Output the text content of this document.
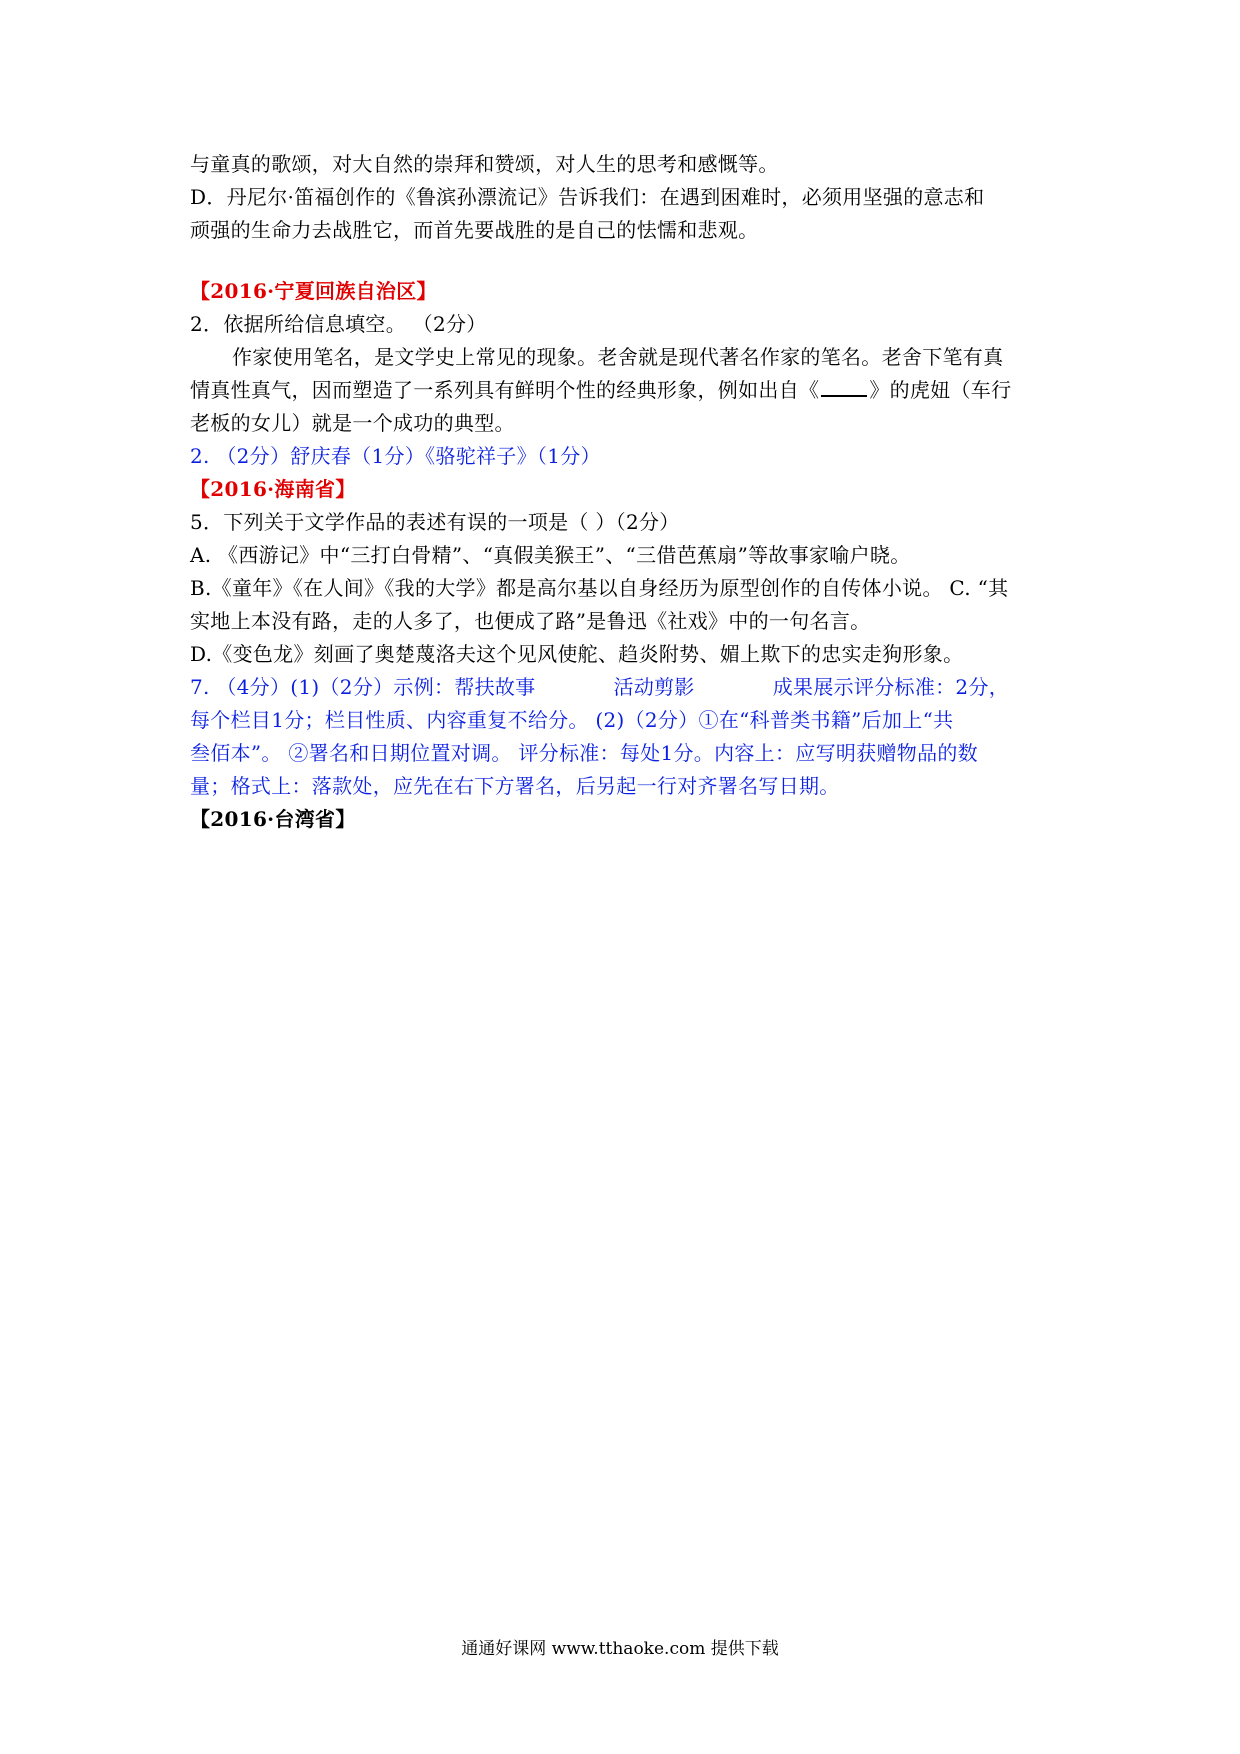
与童真的歌颂，对大自然的崇拜和赞颂，对人生的思考和感慨等。
D．丹尼尔·笛福创作的《鲁滨孙漂流记》告诉我们：在遇到困难时，必须用坚强的意志和
顽强的生命力去战胜它，而首先要战胜的是自己的怯懦和悲观。
【2016·宁夏回族自治区】
2．依据所给信息填空。 （2分）
作家使用笔名，是文学史上常见的现象。老舍就是现代著名作家的笔名。老舍下笔有真
情真性真气，因而塑造了一系列具有鲜明个性的经典形象，例如出自《	》的虎妞（车行
老板的女儿）就是一个成功的典型。
2. （2分）舒庆春（1分）《骆驼祥子》（1分）
【2016·海南省】
5．下列关于文学作品的表述有误的一项是（ ）（2分）
A. 《西游记》中“三打白骨精”、“真假美猴王”、“三借芭蕉扇”等故事家喻户晓。
B.《童年》《在人间》《我的大学》都是高尔基以自身经历为原型创作的自传体小说。 C. “其
实地上本没有路，走的人多了，也便成了路”是鲁迅《社戏》中的一句名言。
D.《变色龙》刻画了奥楚蔑洛夫这个见风使舵、趋炎附势、媚上欺下的忠实走狗形象。
7. （4分）(1)（2分）示例：帮扶故事	活动剪影	成果展示评分标准：2分，
每个栏目1分；栏目性质、内容重复不给分。 (2)（2分）①在“科普类书籍”后加上“共
叁佰本”。 ②署名和日期位置对调。 评分标准：每处1分。内容上：应写明获赠物品的数
量；格式上：落款处，应先在右下方署名，后另起一行对齐署名写日期。
【2016·台湾省】
通通好课网 www.tthaoke.com 提供下载
